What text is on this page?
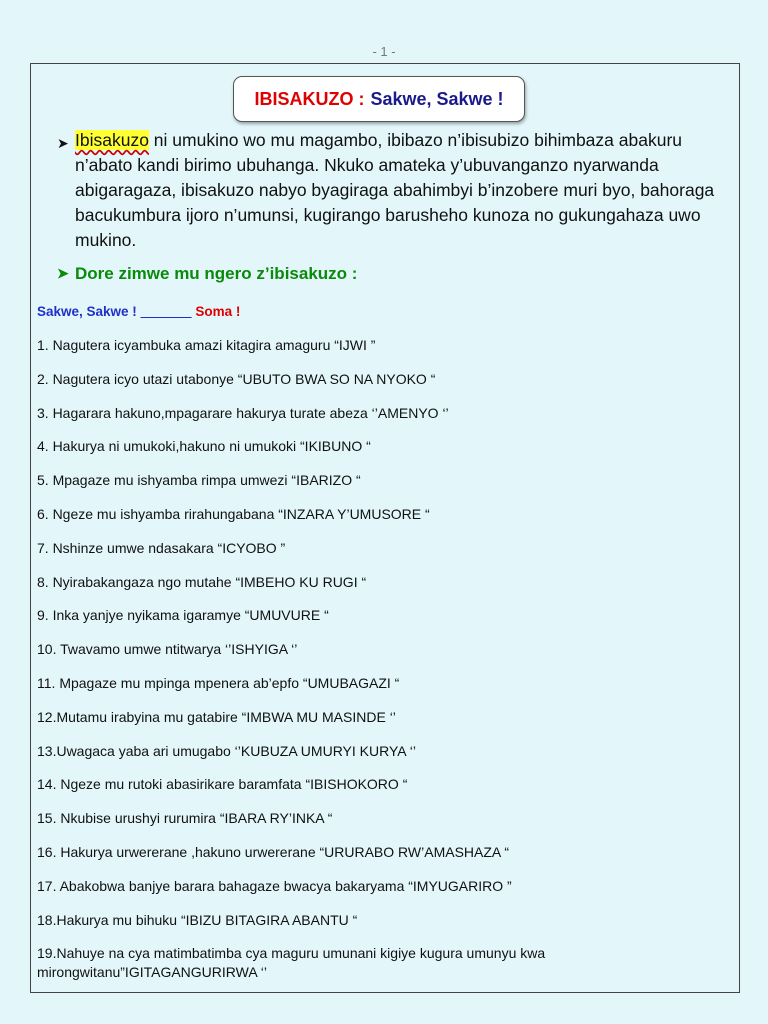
- 1 -
IBISAKUZO : Sakwe, Sakwe !
➤ Ibisakuzo ni umukino wo mu magambo, ibibazo n’ibisubizo bihimbaza abakuru n’abato kandi birimo ubuhanga. Nkuko amateka y’ubuvanganzo nyarwanda abigaragaza, ibisakuzo nabyo byagiraga abahimbyi b’inzobere muri byo, bahoraga bacukumbura ijoro n’umunsi, kugirango barusheho kunoza no gukungahaza uwo mukino.
➤ Dore zimwe mu ngero z’ibisakuzo :
Sakwe, Sakwe ! ______ Soma !
1. Nagutera icyambuka amazi kitagira amaguru “IJWI ”
2. Nagutera icyo utazi utabonye “UBUTO BWA SO NA NYOKO “
3. Hagarara hakuno,mpagarare hakurya turate abeza ‘’AMENYO ‘’
4. Hakurya ni umukoki,hakuno ni umukoki “IKIBUNO “
5. Mpagaze mu ishyamba rimpa umwezi “IBARIZO “
6. Ngeze mu ishyamba rirahungabana “INZARA Y’UMUSORE “
7. Nshinze umwe ndasakara “ICYOBO ”
8. Nyirabakangaza ngo mutahe “IMBEHO KU RUGI “
9. Inka yanjye nyikama igaramye “UMUVURE “
10. Twavamo umwe ntitwarya ‘’ISHYIGA ‘’
11. Mpagaze mu mpinga mpenera ab’epfo “UMUBAGAZI “
12.Mutamu irabyina mu gatabire “IMBWA MU MASINDE ‘’
13.Uwagaca yaba ari umugabo ‘’KUBUZA UMURYI KURYA ‘’
14. Ngeze mu rutoki abasirikare baramfata “IBISHOKORO “
15. Nkubise urushyi rurumira “IBARA RY’INKA “
16. Hakurya urwererane ,hakuno urwererane “URURABO RW’AMASHAZA “
17. Abakobwa banjye barara bahagaze bwacya bakaryama “IMYUGARIRO ”
18.Hakurya mu bihuku “IBIZU BITAGIRA ABANTU “
19.Nahuye na cya matimbatimba cya maguru umunani kigiye kugura umunyu kwa mirongwitanu”IGITAGANGURIRWA ‘’
